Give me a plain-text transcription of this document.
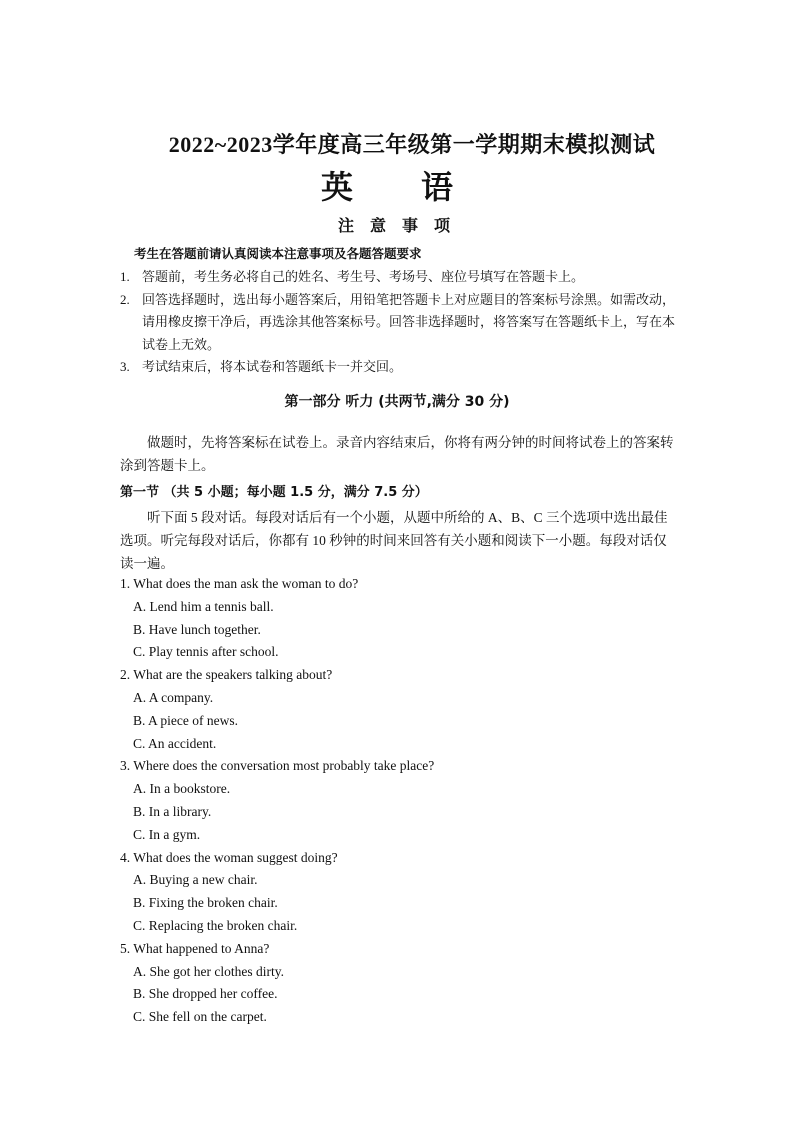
2022~2023学年度高三年级第一学期期末模拟测试
英 语
注 意 事 项
考生在答题前请认真阅读本注意事项及各题答题要求
1. 答题前，考生务必将自己的姓名、考生号、考场号、座位号填写在答题卡上。
2. 回答选择题时，选出每小题答案后，用铅笔把答题卡上对应题目的答案标号涂黑。如需改动，请用橡皮擦干净后，再选涂其他答案标号。回答非选择题时，将答案写在答题纸卡上，写在本试卷上无效。
3. 考试结束后，将本试卷和答题纸卡一并交回。
第一部分 听力 (共两节,满分 30 分)
做题时，先将答案标在试卷上。录音内容结束后，你将有两分钟的时间将试卷上的答案转涂到答题卡上。
第一节 （共 5 小题；每小题 1.5 分，满分 7.5 分）
听下面 5 段对话。每段对话后有一个小题，从题中所给的 A、B、C 三个选项中选出最佳选项。听完每段对话后，你都有 10 秒钟的时间来回答有关小题和阅读下一小题。每段对话仅读一遍。
1. What does the man ask the woman to do?
A. Lend him a tennis ball.
B. Have lunch together.
C. Play tennis after school.
2. What are the speakers talking about?
A. A company.
B. A piece of news.
C. An accident.
3. Where does the conversation most probably take place?
A. In a bookstore.
B. In a library.
C. In a gym.
4. What does the woman suggest doing?
A. Buying a new chair.
B. Fixing the broken chair.
C. Replacing the broken chair.
5. What happened to Anna?
A. She got her clothes dirty.
B. She dropped her coffee.
C. She fell on the carpet.
